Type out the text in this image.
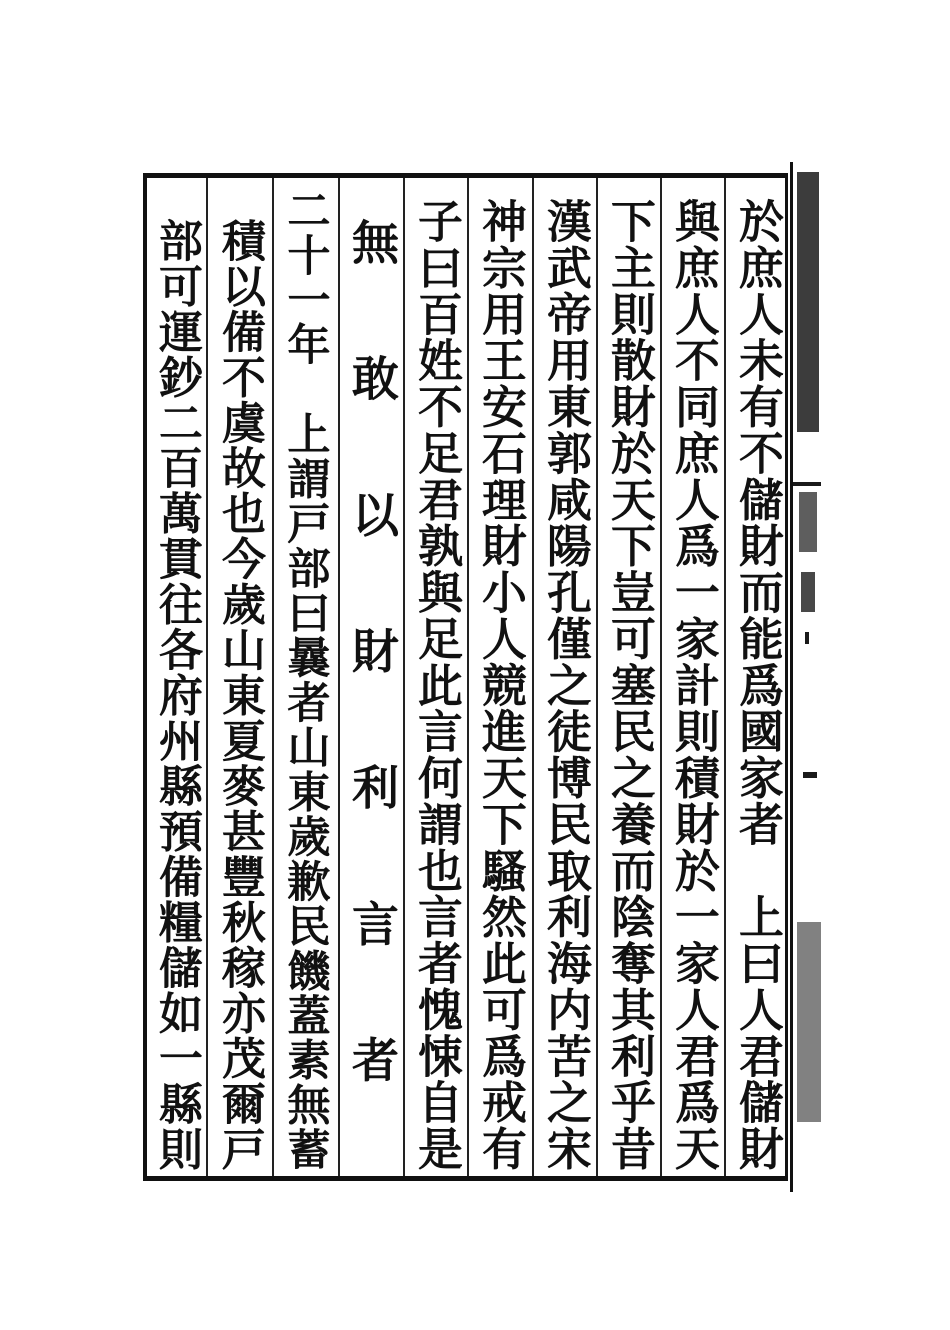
於庶人未有不儲財而能爲國家者　上曰人君儲財
與庶人不同庶人爲一家計則積財於一家人君爲天
下主則散財於天下豈可塞民之養而陰奪其利乎昔
漢武帝用東郭咸陽孔僅之徒博民取利海内苦之宋
神宗用王安石理財小人競進天下騷然此可爲戒有
子曰百姓不足君孰與足此言何謂也言者愧悚自是
無敢以財利言者
二十一年　上謂戸部曰曩者山東歲歉民饑蓋素無蓄
積以備不虞故也今歲山東夏麥甚豐秋稼亦茂爾戸
部可運鈔二百萬貫往各府州縣預備糧儲如一縣則
